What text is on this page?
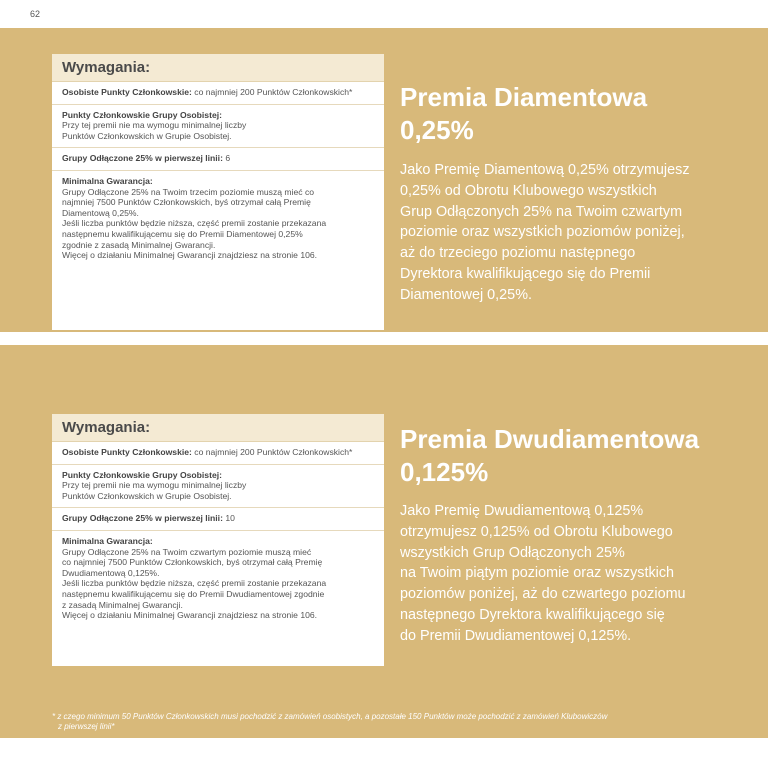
62
Wymagania:
Osobiste Punkty Członkowskie: co najmniej 200 Punktów Członkowskich*
Punkty Członkowskie Grupy Osobistej:
Przy tej premii nie ma wymogu minimalnej liczby
Punktów Członkowskich w Grupie Osobistej.
Grupy Odłączone 25% w pierwszej linii: 6
Minimalna Gwarancja:
Grupy Odłączone 25% na Twoim trzecim poziomie muszą mieć co
najmniej 7500 Punktów Członkowskich, byś otrzymał całą Premię
Diamentową 0,25%.
Jeśli liczba punktów będzie niższa, część premii zostanie przekazana
następnemu kwalifikującemu się do Premii Diamentowej 0,25%
zgodnie z zasadą Minimalnej Gwarancji.
Więcej o działaniu Minimalnej Gwarancji znajdziesz na stronie 106.
Premia Diamentowa
0,25%
Jako Premię Diamentową 0,25% otrzymujesz
0,25% od Obrotu Klubowego wszystkich
Grup Odłączonych 25% na Twoim czwartym
poziomie oraz wszystkich poziomów poniżej,
aż do trzeciego poziomu następnego
Dyrektora kwalifikującego się do Premii
Diamentowej 0,25%.
Wymagania:
Osobiste Punkty Członkowskie: co najmniej 200 Punktów Członkowskich*
Punkty Członkowskie Grupy Osobistej:
Przy tej premii nie ma wymogu minimalnej liczby
Punktów Członkowskich w Grupie Osobistej.
Grupy Odłączone 25% w pierwszej linii: 10
Minimalna Gwarancja:
Grupy Odłączone 25% na Twoim czwartym poziomie muszą mieć
co najmniej 7500 Punktów Członkowskich, byś otrzymał całą Premię
Dwudiamentową 0,125%.
Jeśli liczba punktów będzie niższa, część premii zostanie przekazana
następnemu kwalifikującemu się do Premii Dwudiamentowej zgodnie
z zasadą Minimalnej Gwarancji.
Więcej o działaniu Minimalnej Gwarancji znajdziesz na stronie 106.
Premia Dwudiamentowa
0,125%
Jako Premię Dwudiamentową 0,125%
otrzymujesz 0,125% od Obrotu Klubowego
wszystkich Grup Odłączonych 25%
na Twoim piątym poziomie oraz wszystkich
poziomów poniżej, aż do czwartego poziomu
następnego Dyrektora kwalifikującego się
do Premii Dwudiamentowej 0,125%.
* z czego minimum 50 Punktów Członkowskich musi pochodzić z zamówień osobistych, a pozostałe 150 Punktów może pochodzić z zamówień Klubowiczów
z pierwszej linii*
